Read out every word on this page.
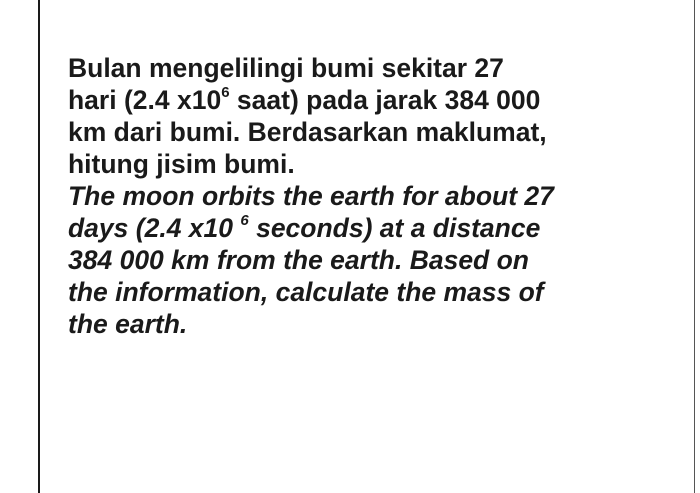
Bulan mengelilingi bumi sekitar 27
hari (2.4 $x10^6$ saat) pada jarak 384 000
km dari bumi. Berdasarkan maklumat,
hitung jisim bumi.
The moon orbits the earth for about 27
days (2.4 x10 $^6$ seconds) at a distance
384 000 km from the earth. Based on
the information, calculate the mass of
the earth.
